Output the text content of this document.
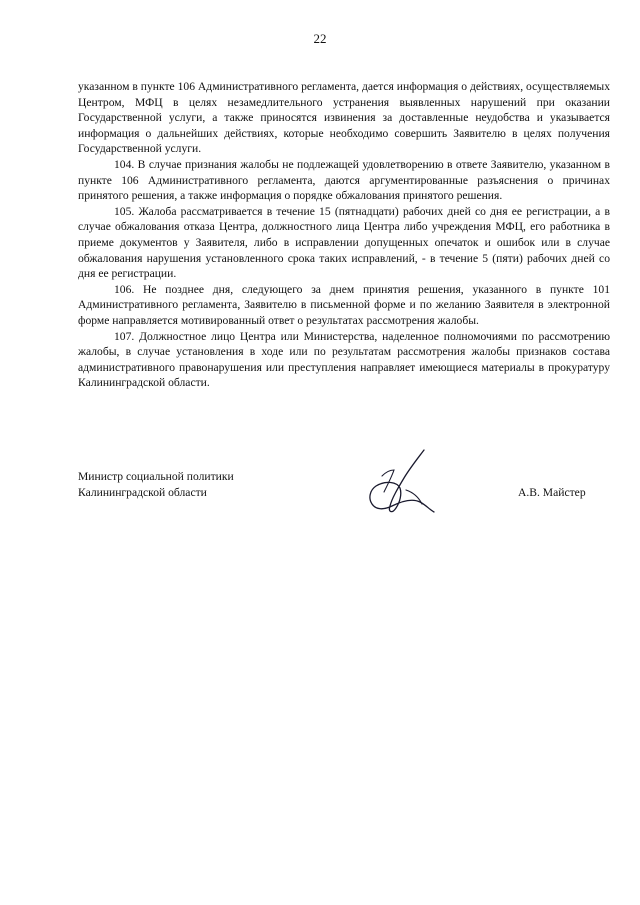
22

указанном в пункте 106 Административного регламента, дается информация о действиях, осуществляемых Центром, МФЦ в целях незамедлительного устранения выявленных нарушений при оказании Государственной услуги, а также приносятся извинения за доставленные неудобства и указывается информация о дальнейших действиях, которые необходимо совершить Заявителю в целях получения Государственной услуги.

104. В случае признания жалобы не подлежащей удовлетворению в ответе Заявителю, указанном в пункте 106 Административного регламента, даются аргументированные разъяснения о причинах принятого решения, а также информация о порядке обжалования принятого решения.

105. Жалоба рассматривается в течение 15 (пятнадцати) рабочих дней со дня ее регистрации, а в случае обжалования отказа Центра, должностного лица Центра либо учреждения МФЦ, его работника в приеме документов у Заявителя, либо в исправлении допущенных опечаток и ошибок или в случае обжалования нарушения установленного срока таких исправлений, - в течение 5 (пяти) рабочих дней со дня ее регистрации.

106. Не позднее дня, следующего за днем принятия решения, указанного в пункте 101 Административного регламента, Заявителю в письменной форме и по желанию Заявителя в электронной форме направляется мотивированный ответ о результатах рассмотрения жалобы.

107. Должностное лицо Центра или Министерства, наделенное полномочиями по рассмотрению жалобы, в случае установления в ходе или по результатам рассмотрения жалобы признаков состава административного правонарушения или преступления направляет имеющиеся материалы в прокуратуру Калининградской области.

Министр социальной политики
Калининградской области	А.В. Майстер
